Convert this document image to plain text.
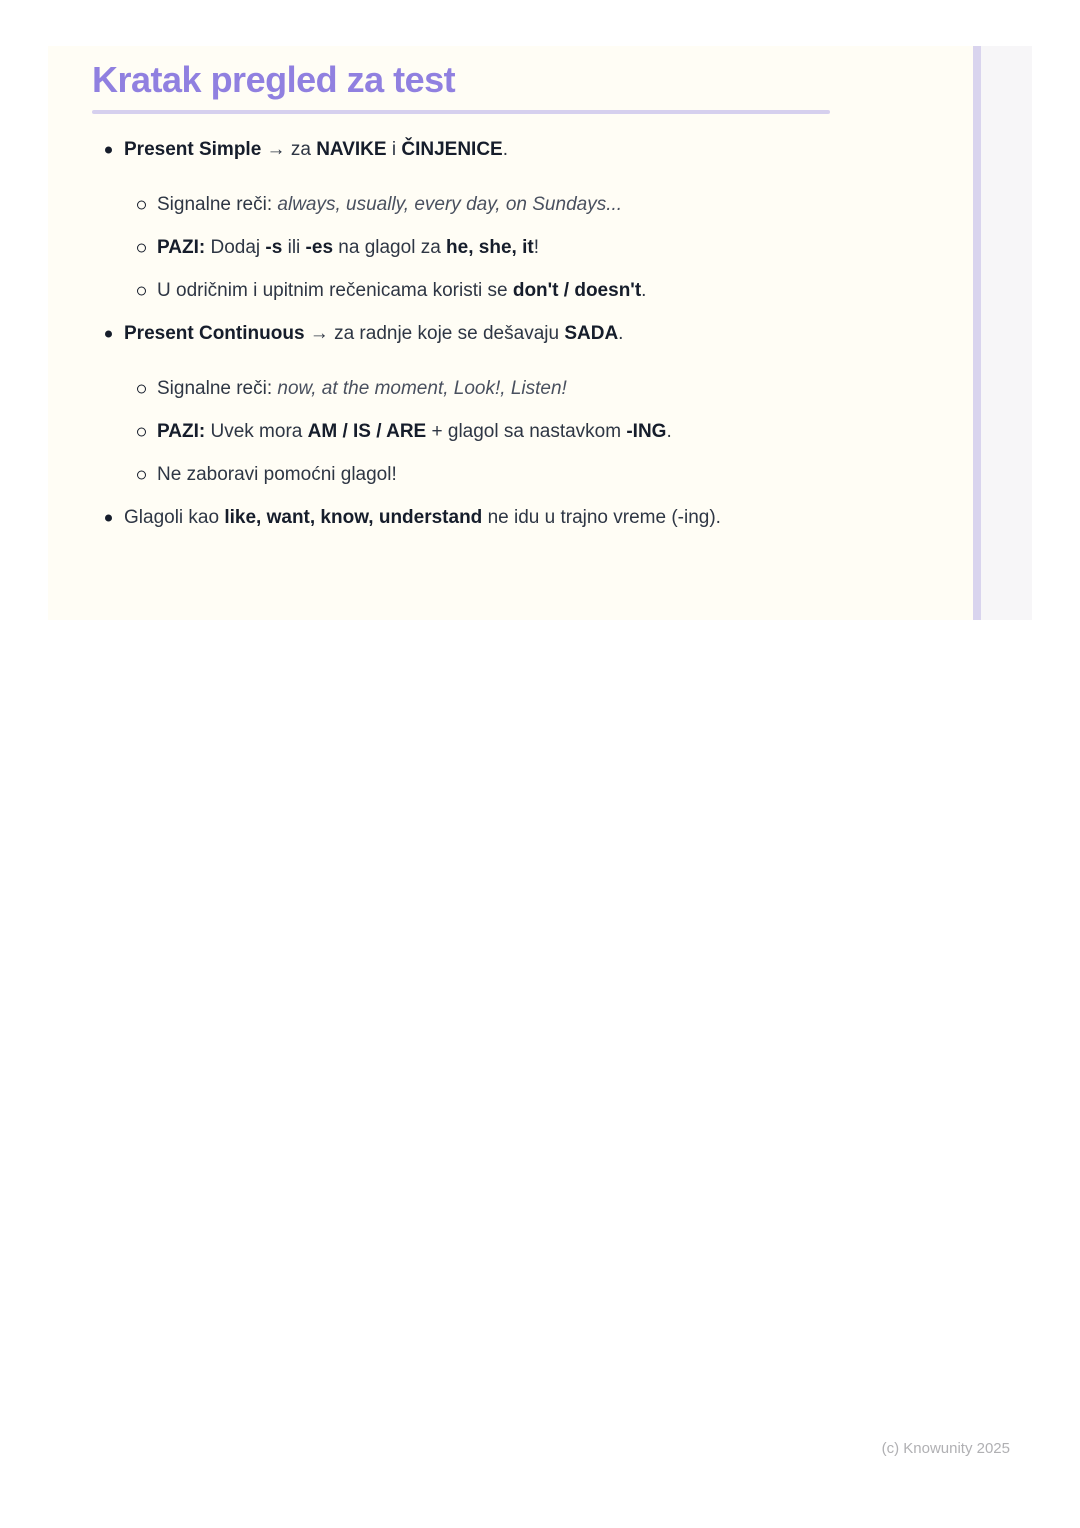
Kratak pregled za test

Present Simple → za NAVIKE i ČINJENICE.

Signalne reči: always, usually, every day, on Sundays...

PAZI: Dodaj -s ili -es na glagol za he, she, it!

U odričnim i upitnim rečenicama koristi se don't / doesn't.

Present Continuous → za radnje koje se dešavaju SADA.

Signalne reči: now, at the moment, Look!, Listen!

PAZI: Uvek mora AM / IS / ARE + glagol sa nastavkom -ING.

Ne zaboravi pomoćni glagol!

Glagoli kao like, want, know, understand ne idu u trajno vreme (-ing).

(c) Knowunity 2025
